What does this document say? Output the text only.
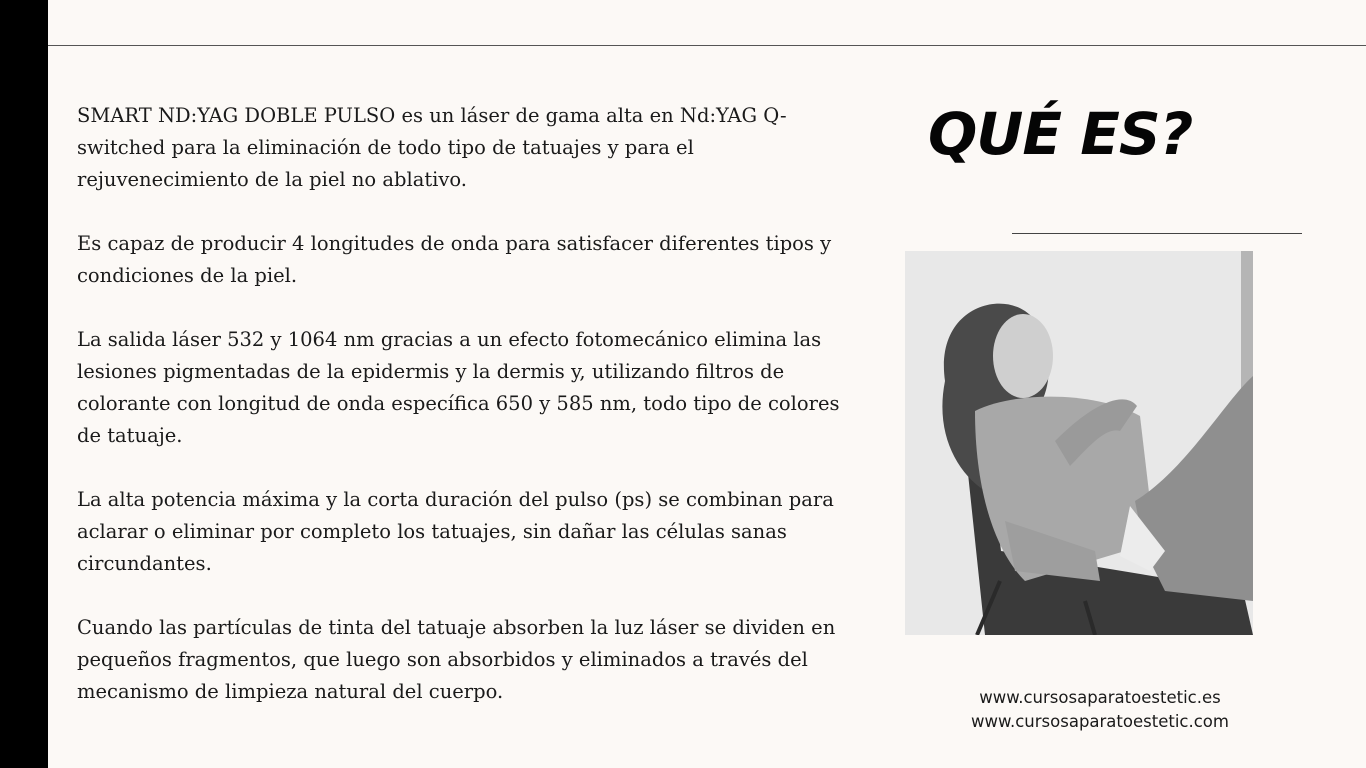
SMART ND:YAG DOBLE PULSO es un láser de gama alta en Nd:YAG Q-switched para la eliminación de todo tipo de tatuajes y para el rejuvenecimiento de la piel no ablativo.

Es capaz de producir 4 longitudes de onda para satisfacer diferentes tipos y condiciones de la piel.

La salida láser 532 y 1064 nm gracias a un efecto fotomecánico elimina las lesiones pigmentadas de la epidermis y la dermis y, utilizando filtros de colorante con longitud de onda específica 650 y 585 nm, todo tipo de colores de tatuaje.

La alta potencia máxima y la corta duración del pulso (ps) se combinan para aclarar o eliminar por completo los tatuajes, sin dañar las células sanas circundantes.

Cuando las partículas de tinta del tatuaje absorben la luz láser se dividen en pequeños fragmentos, que luego son absorbidos y eliminados a través del mecanismo de limpieza natural del cuerpo.

QUÉ ES?
www.cursosaparatoestetic.es
www.cursosaparatoestetic.com
